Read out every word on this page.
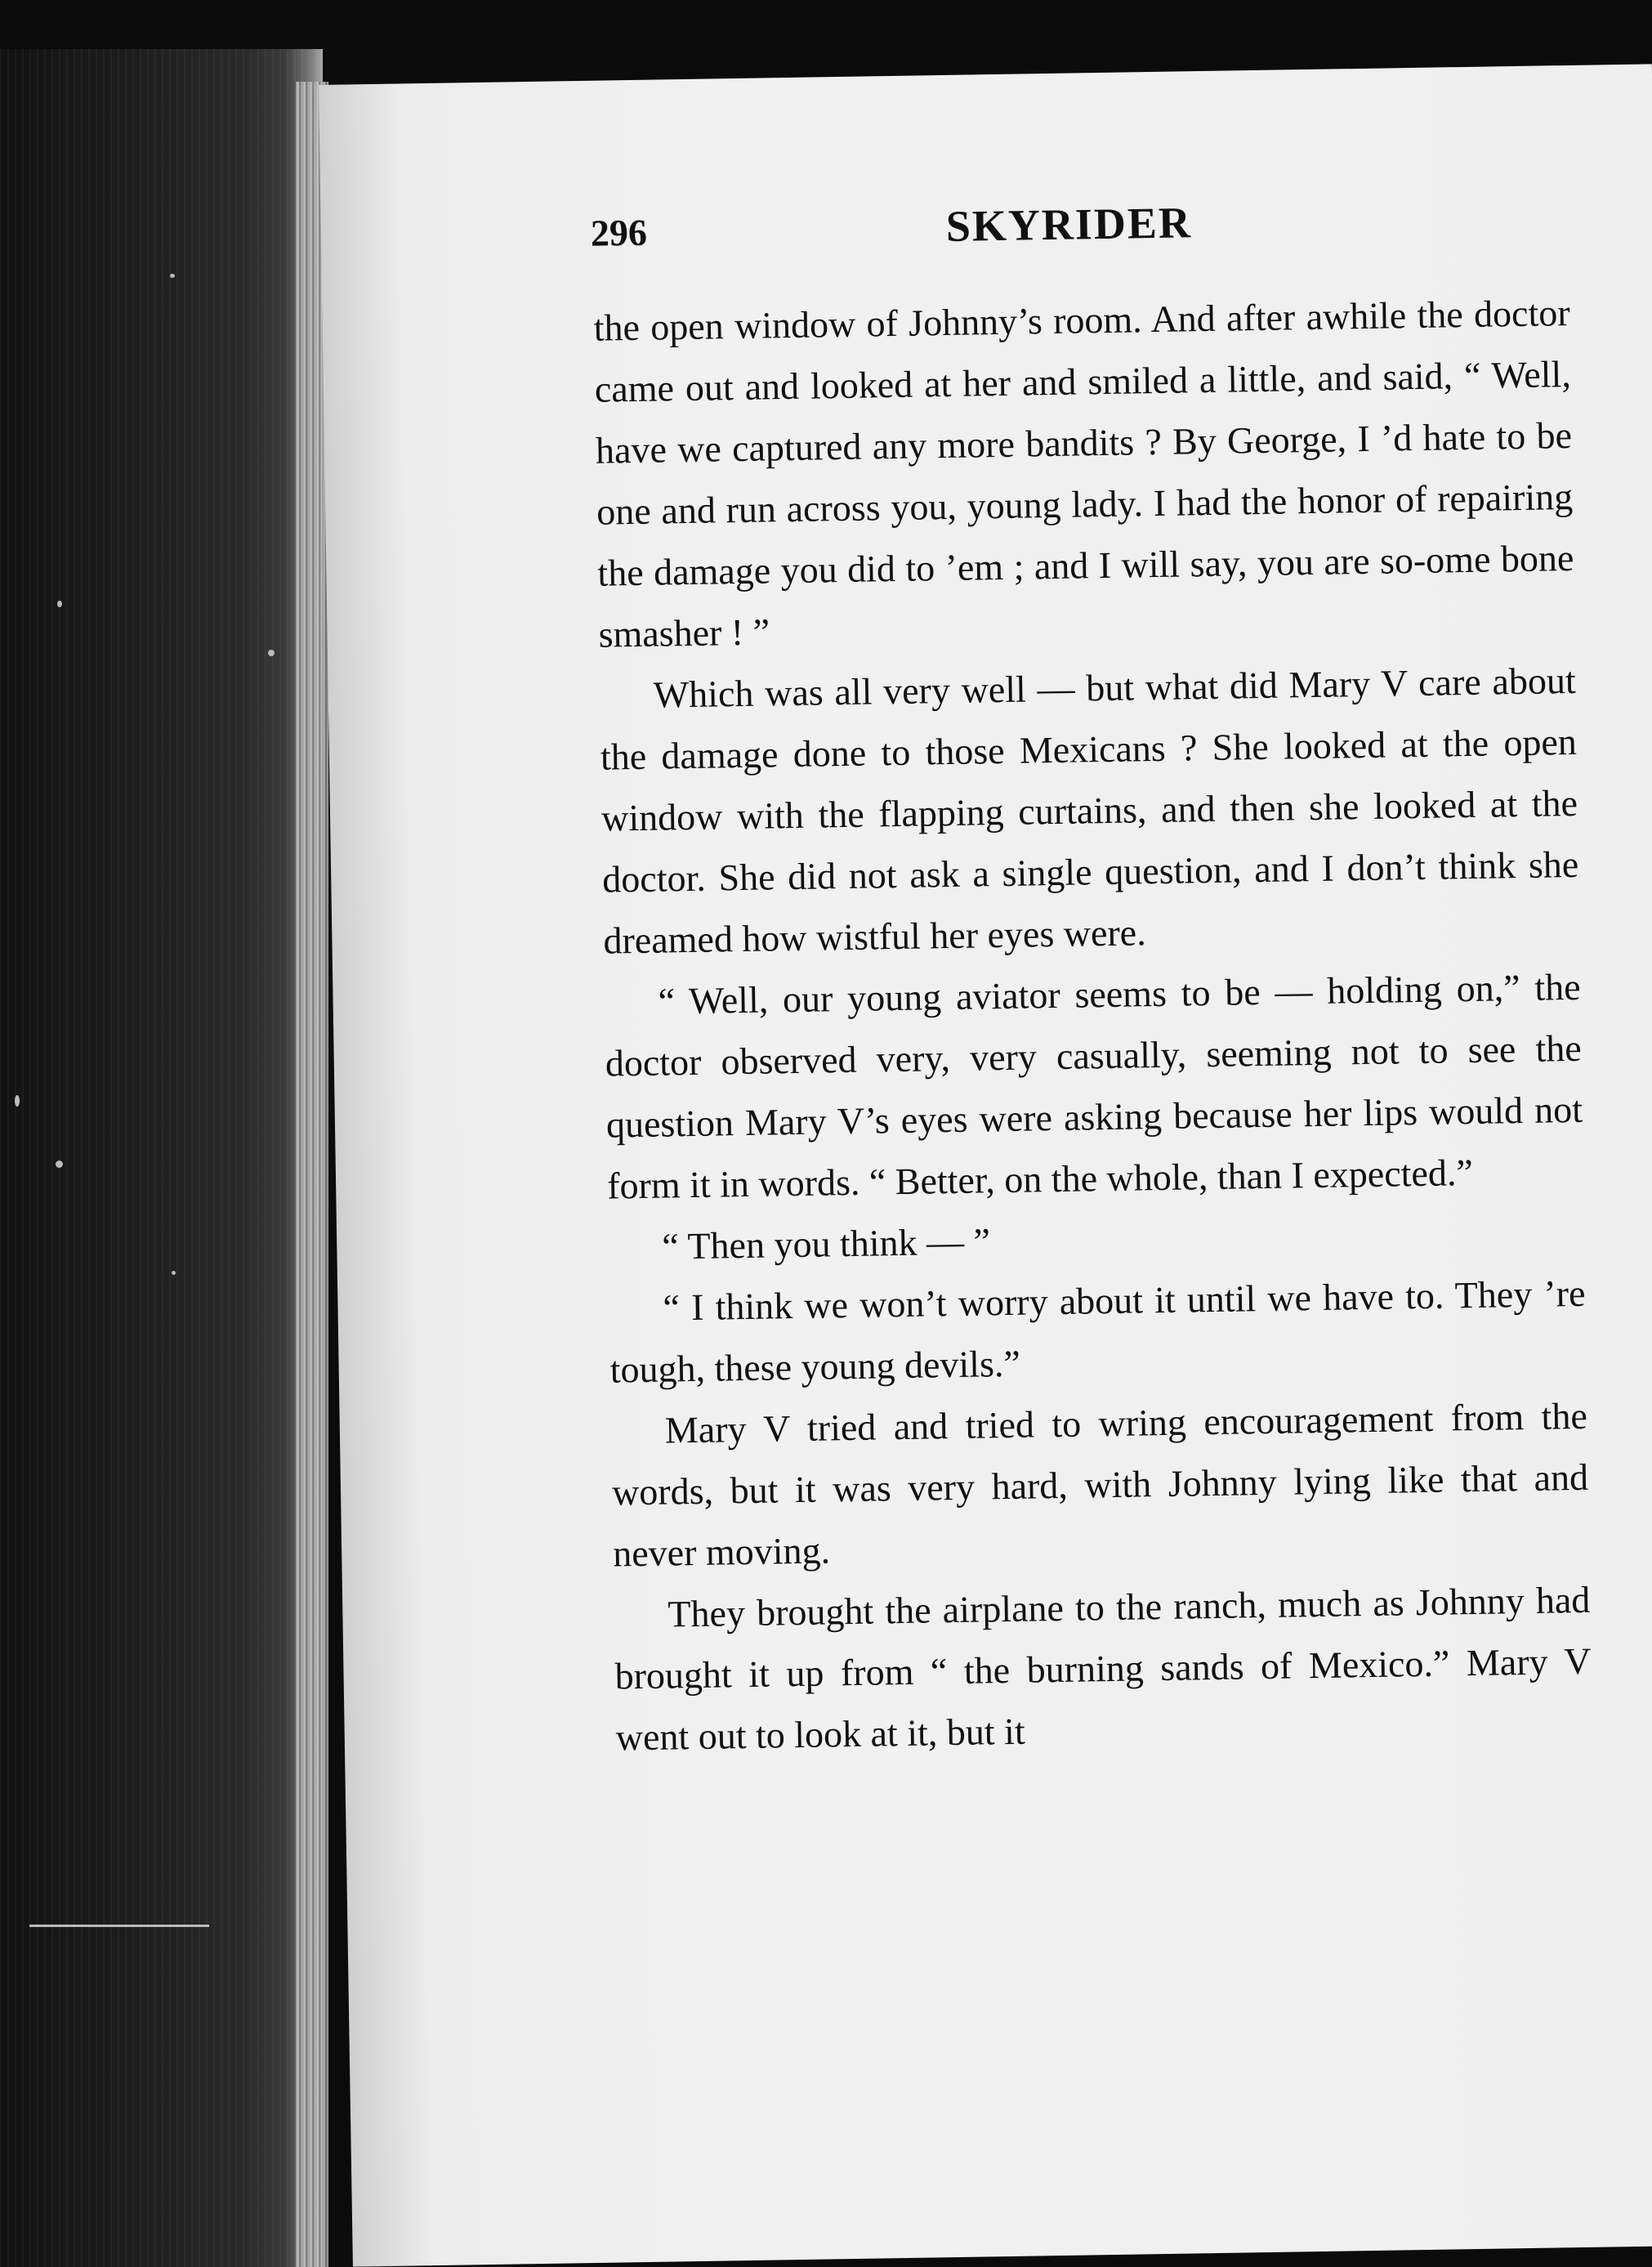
296	SKYRIDER

the open window of Johnny’s room. And after awhile the doctor came out and looked at her and smiled a little, and said, “ Well, have we captured any more bandits ? By George, I ’d hate to be one and run across you, young lady. I had the honor of repairing the damage you did to ’em ; and I will say, you are so-ome bone smasher ! ”

Which was all very well — but what did Mary V care about the damage done to those Mexicans ? She looked at the open window with the flapping curtains, and then she looked at the doctor. She did not ask a single question, and I don’t think she dreamed how wistful her eyes were.

“ Well, our young aviator seems to be — holding on,” the doctor observed very, very casually, seeming not to see the question Mary V’s eyes were asking because her lips would not form it in words. “ Better, on the whole, than I expected.”

“ Then you think — ”

“ I think we won’t worry about it until we have to. They ’re tough, these young devils.”

Mary V tried and tried to wring encouragement from the words, but it was very hard, with Johnny lying like that and never moving.

They brought the airplane to the ranch, much as Johnny had brought it up from “ the burning sands of Mexico.” Mary V went out to look at it, but it
